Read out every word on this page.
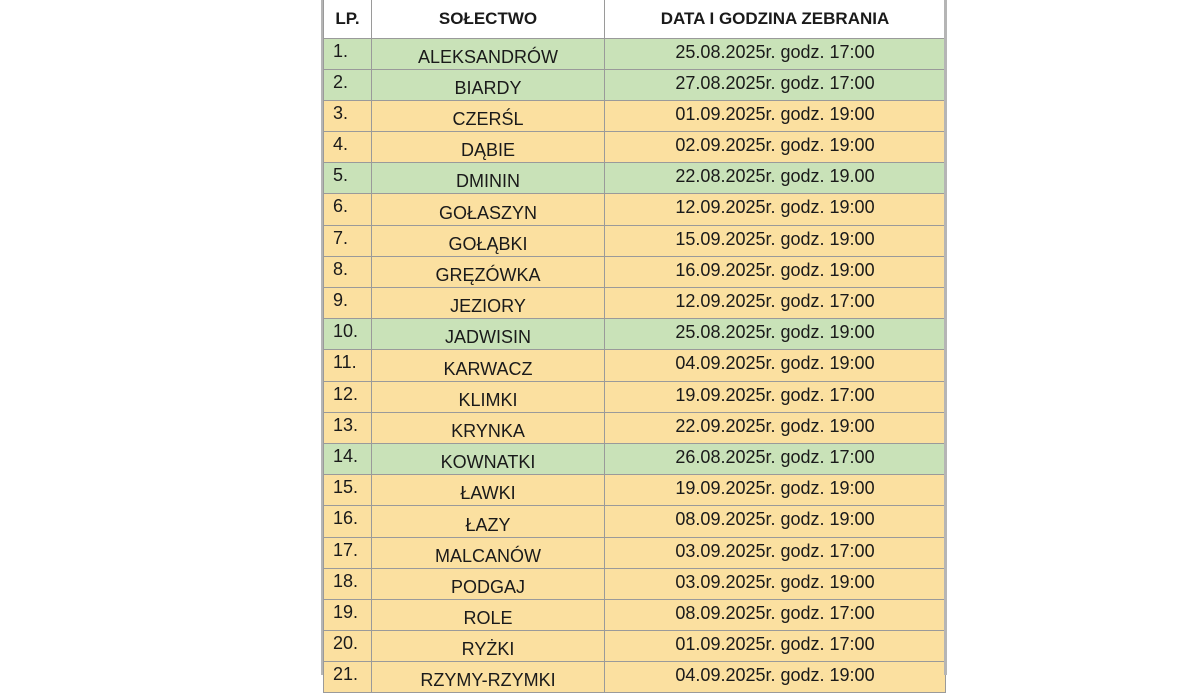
LP.	SOŁECTWO	DATA I GODZINA ZEBRANIA
1.	ALEKSANDRÓW	25.08.2025r. godz. 17:00
2.	BIARDY	27.08.2025r. godz. 17:00
3.	CZERŚL	01.09.2025r. godz. 19:00
4.	DĄBIE	02.09.2025r. godz. 19:00
5.	DMININ	22.08.2025r. godz. 19.00
6.	GOŁASZYN	12.09.2025r. godz. 19:00
7.	GOŁĄBKI	15.09.2025r. godz. 19:00
8.	GRĘZÓWKA	16.09.2025r. godz. 19:00
9.	JEZIORY	12.09.2025r. godz. 17:00
10.	JADWISIN	25.08.2025r. godz. 19:00
11.	KARWACZ	04.09.2025r. godz. 19:00
12.	KLIMKI	19.09.2025r. godz. 17:00
13.	KRYNKA	22.09.2025r. godz. 19:00
14.	KOWNATKI	26.08.2025r. godz. 17:00
15.	ŁAWKI	19.09.2025r. godz. 19:00
16.	ŁAZY	08.09.2025r. godz. 19:00
17.	MALCANÓW	03.09.2025r. godz. 17:00
18.	PODGAJ	03.09.2025r. godz. 19:00
19.	ROLE	08.09.2025r. godz. 17:00
20.	RYŻKI	01.09.2025r. godz. 17:00
21.	RZYMY-RZYMKI	04.09.2025r. godz. 19:00
